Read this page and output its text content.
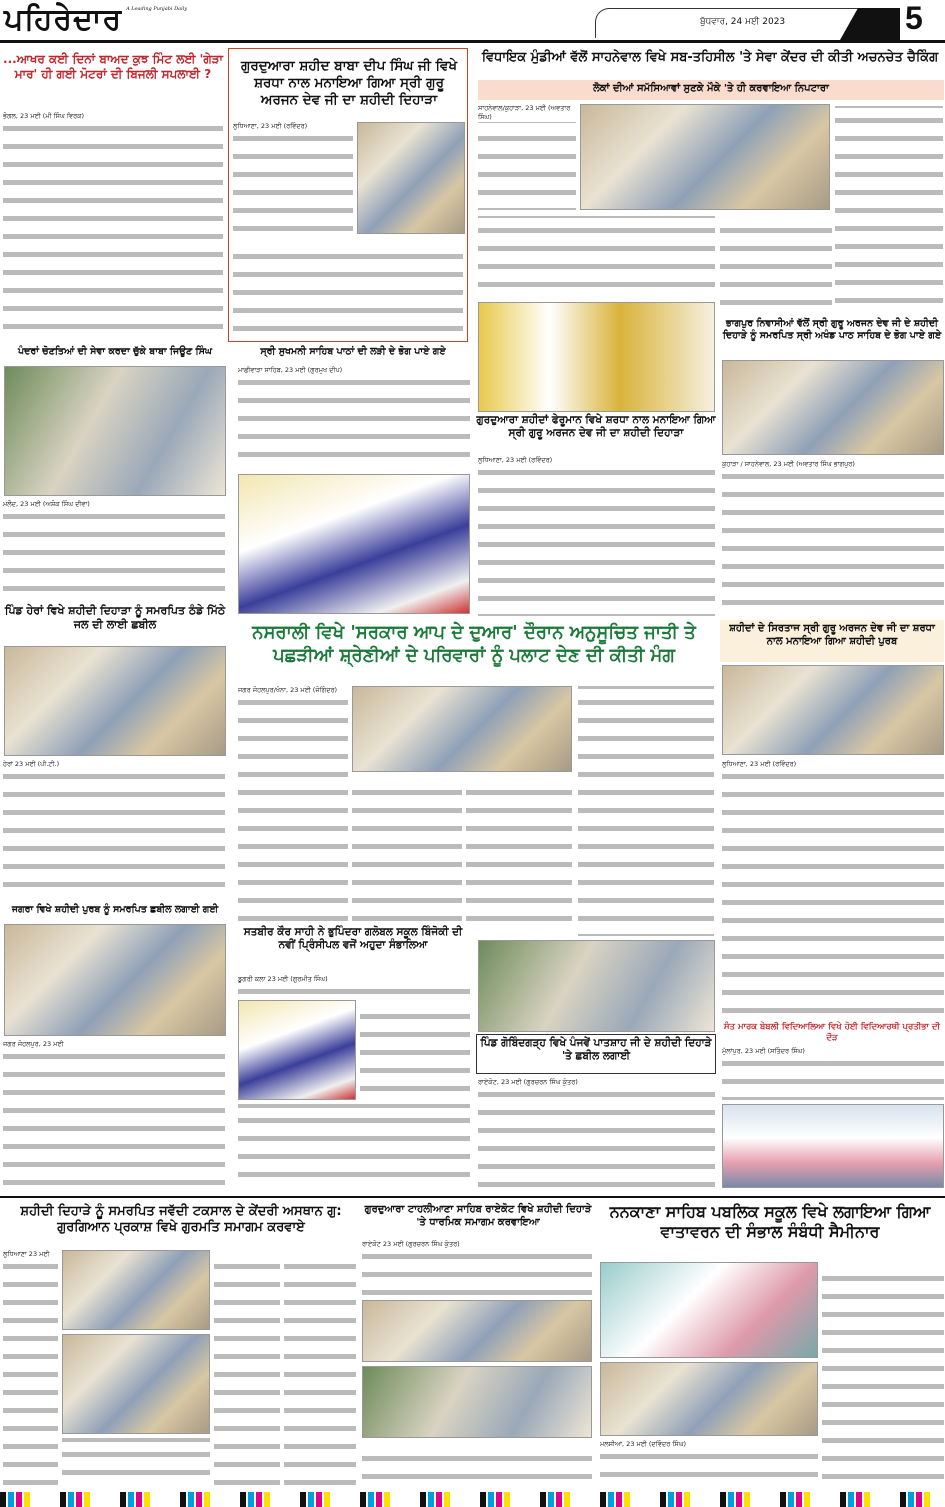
ਪਹਿਰੇਦਾਰ A Leading Punjabi Daily
ਬੁੱਧਵਾਰ, 24 ਮਈ 2023	5
...ਆਖਰ ਕਈ ਦਿਨਾਂ ਬਾਅਦ ਕੁਝ ਮਿੰਟ ਲਈ 'ਗੇੜਾ ਮਾਰ' ਹੀ ਗਈ ਮੋਟਰਾਂ ਦੀ ਬਿਜਲੀ ਸਪਲਾਈ ?
ਭੋਗਲ, 23 ਮਈ (ਮੀ ਸਿੰਘ ਵਿਰਕ)
ਗੁਰਦੁਆਰਾ ਸ਼ਹੀਦ ਬਾਬਾ ਦੀਪ ਸਿੰਘ ਜੀ ਵਿਖੇ ਸ਼ਰਧਾ ਨਾਲ ਮਨਾਇਆ ਗਿਆ ਸ੍ਰੀ ਗੁਰੂ ਅਰਜਨ ਦੇਵ ਜੀ ਦਾ ਸ਼ਹੀਦੀ ਦਿਹਾੜਾ
ਲੁਧਿਆਣਾ, 23 ਮਈ (ਰਵਿੰਦਰ)
ਵਿਧਾਇਕ ਮੁੰਡੀਆਂ ਵੱਲੋਂ ਸਾਹਨੇਵਾਲ ਵਿਖੇ ਸਬ-ਤਹਿਸੀਲ 'ਤੇ ਸੇਵਾ ਕੇਂਦਰ ਦੀ ਕੀਤੀ ਅਚਨਚੇਤ ਚੈਕਿੰਗ
ਲੋਕਾਂ ਦੀਆਂ ਸਮੱਸਿਆਵਾਂ ਸੁਣਕੇ ਮੌਕੇ 'ਤੇ ਹੀ ਕਰਵਾਇਆ ਨਿਪਟਾਰਾ
ਸਾਹਨੇਵਾਲ/ਕੁਹਾੜਾ, 23 ਮਈ (ਅਵਤਾਰ ਸਿੰਘ)
ਪੰਦਰਾਂ ਚੋਣਤਿਆਂ ਦੀ ਸੇਵਾ ਕਰਦਾ ਚੁੱਕੇ ਬਾਬਾ ਜਿਊਣ ਸਿੰਘ
ਮਲੌਦ, 23 ਮਈ (ਅਸ਼ੋਕ ਸਿੰਘ ਦੀਵਾ)
ਸ੍ਰੀ ਸੁਖਮਨੀ ਸਾਹਿਬ ਪਾਠਾਂ ਦੀ ਲੜੀ ਦੇ ਭੋਗ ਪਾਏ ਗਏ
ਮਾਛੀਵਾੜਾ ਸਾਹਿਬ, 23 ਮਈ (ਗੁਰਮੁਖ ਦੀਪ)
ਗੁਰਦੁਆਰਾ ਸ਼ਹੀਦਾਂ ਫੇਰੂਮਾਨ ਵਿਖੇ ਸ਼ਰਧਾ ਨਾਲ ਮਨਾਇਆ ਗਿਆ ਸ੍ਰੀ ਗੁਰੂ ਅਰਜਨ ਦੇਵ ਜੀ ਦਾ ਸ਼ਹੀਦੀ ਦਿਹਾੜਾ
ਲੁਧਿਆਣਾ, 23 ਮਈ (ਰਵਿੰਦਰ)
ਭਾਗਪੁਰ ਨਿਵਾਸੀਆਂ ਵੱਲੋਂ ਸ੍ਰੀ ਗੁਰੂ ਅਰਜਨ ਦੇਵ ਜੀ ਦੇ ਸ਼ਹੀਦੀ ਦਿਹਾੜੇ ਨੂੰ ਸਮਰਪਿਤ ਸ੍ਰੀ ਅਖੰਡ ਪਾਠ ਸਾਹਿਬ ਦੇ ਭੋਗ ਪਾਏ ਗਏ
ਕੁਹਾੜਾ / ਸਾਹਨੇਵਾਲ, 23 ਮਈ (ਅਵਤਾਰ ਸਿੰਘ ਭਾਗਪੁਰ)
ਪਿੰਡ ਹੇਰਾਂ ਵਿਖੇ ਸ਼ਹੀਦੀ ਦਿਹਾੜਾ ਨੂੰ ਸਮਰਪਿਤ ਠੰਡੇ ਮਿੱਠੇ ਜਲ ਦੀ ਲਾਈ ਛਬੀਲ
ਹੇਰਾਂ 23 ਮਈ (ਪੀ.ਟੀ.)
ਨਸਰਾਲੀ ਵਿਖੇ 'ਸਰਕਾਰ ਆਪ ਦੇ ਦੁਆਰ' ਦੌਰਾਨ ਅਨੁਸੂਚਿਤ ਜਾਤੀ ਤੇ ਪਛੜੀਆਂ ਸ਼੍ਰੇਣੀਆਂ ਦੇ ਪਰਿਵਾਰਾਂ ਨੂੰ ਪਲਾਟ ਦੇਣ ਦੀ ਕੀਤੀ ਮੰਗ
ਜਗਰ ਜੋਹਲਪੁਰ/ਖੰਨਾ, 23 ਮਈ (ਜੋਗਿੰਦਰ)
ਸ਼ਹੀਦਾਂ ਦੇ ਸਿਰਤਾਜ ਸ੍ਰੀ ਗੁਰੂ ਅਰਜਨ ਦੇਵ ਜੀ ਦਾ ਸ਼ਰਧਾ ਨਾਲ ਮਨਾਇਆ ਗਿਆ ਸ਼ਹੀਦੀ ਪੁਰਬ
ਲੁਧਿਆਣਾ, 23 ਮਈ (ਰਵਿੰਦਰ)
ਜਗਰਾ ਵਿਖੇ ਸ਼ਹੀਦੀ ਪੁਰਬ ਨੂੰ ਸਮਰਪਿਤ ਛਬੀਲ ਲਗਾਈ ਗਈ
ਜਗਰ ਜੋਹਲਪੁਰ, 23 ਮਈ
ਸਤਬੀਰ ਕੌਰ ਸਾਹੀ ਨੇ ਭੁਪਿੰਦਰਾ ਗਲੋਬਲ ਸਕੂਲ ਬਿੰਜੋਕੀ ਦੀ ਨਵੀਂ ਪ੍ਰਿੰਸੀਪਲ ਵਜੋਂ ਅਹੁਦਾ ਸੰਭਾਲਿਆ
ਡੂਗਰੀ ਕਲਾ 23 ਮਈ (ਗੁਰਮੀਤ ਸਿੰਘ)
ਪਿੰਡ ਗੋਬਿੰਦਗੜ੍ਹ ਵਿਖੇ ਪੰਜਵੇਂ ਪਾਤਸ਼ਾਹ ਜੀ ਦੇ ਸ਼ਹੀਦੀ ਦਿਹਾੜੇ 'ਤੇ ਛਬੀਲ ਲਗਾਈ
ਰਾਏਕੋਟ, 23 ਮਈ (ਗੁਰਚਰਨ ਸਿੰਘ ਕੁੰਤਰ)
ਸੰਤ ਮਾਰਕ ਬੇਬਲੀ ਵਿਦਿਆਲਿਆ ਵਿਖੇ ਹੋਈ ਵਿਦਿਆਰਥੀ ਪ੍ਰਤੀਭਾ ਦੀ ਦੌੜ
ਮੁੱਲਾਂਪੁਰ, 23 ਮਈ (ਸਤਿੰਦਰ ਸਿੰਘ)
ਸ਼ਹੀਦੀ ਦਿਹਾੜੇ ਨੂੰ ਸਮਰਪਿਤ ਜਵੱਦੀ ਟਕਸਾਲ ਦੇ ਕੇਂਦਰੀ ਅਸਥਾਨ ਗੁ: ਗੁਰਗਿਆਨ ਪ੍ਰਕਾਸ਼ ਵਿਖੇ ਗੁਰਮਤਿ ਸਮਾਗਮ ਕਰਵਾਏ
ਲੁਧਿਆਣਾ 23 ਮਈ
ਗੁਰਦੁਆਰਾ ਟਾਹਲੀਆਣਾ ਸਾਹਿਬ ਰਾਏਕੋਟ ਵਿਖੇ ਸ਼ਹੀਦੀ ਦਿਹਾੜੇ 'ਤੇ ਧਾਰਮਿਕ ਸਮਾਗਮ ਕਰਵਾਇਆ
ਰਾਏਕੋਟ 23 ਮਈ (ਗੁਰਚਰਨ ਸਿੰਘ ਕੁੰਤਰ)
ਨਨਕਾਣਾ ਸਾਹਿਬ ਪਬਲਿਕ ਸਕੂਲ ਵਿਖੇ ਲਗਾਇਆ ਗਿਆ ਵਾਤਾਵਰਨ ਦੀ ਸੰਭਾਲ ਸੰਬੰਧੀ ਸੈਮੀਨਾਰ
ਮਲਸੀਆਂ, 23 ਮਈ (ਦਵਿੰਦਰ ਸਿੰਘ)
